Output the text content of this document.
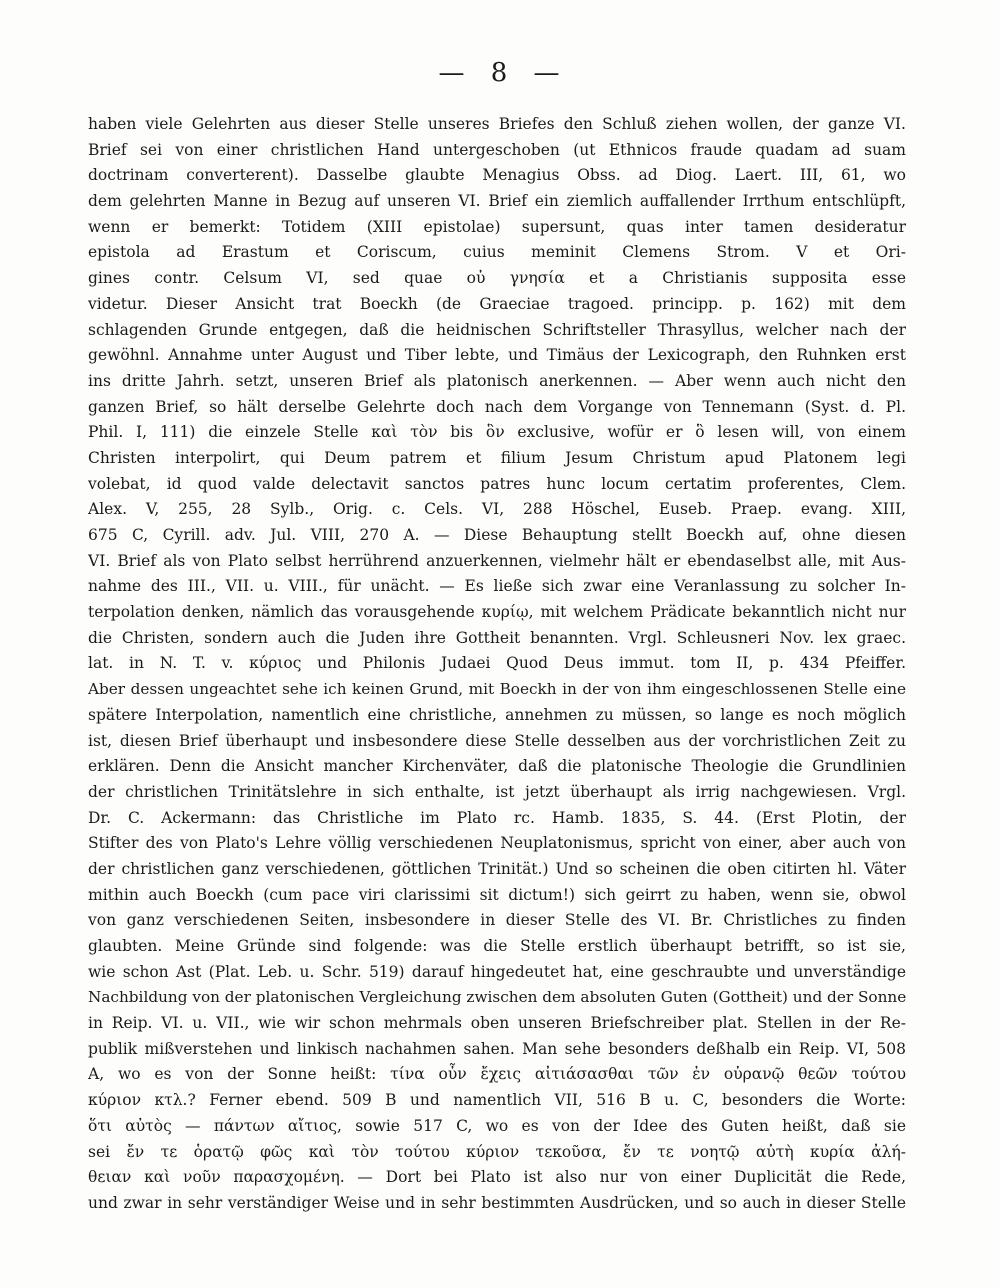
— 8 —
haben viele Gelehrten aus dieser Stelle unseres Briefes den Schluß ziehen wollen, der ganze VI.
Brief sei von einer christlichen Hand untergeschoben (ut Ethnicos fraude quadam ad suam
doctrinam converterent). Dasselbe glaubte Menagius Obss. ad Diog. Laert. III, 61, wo
dem gelehrten Manne in Bezug auf unseren VI. Brief ein ziemlich auffallender Irrthum entschlüpft,
wenn er bemerkt: Totidem (XIII epistolae) supersunt, quas inter tamen desideratur
epistola ad Erastum et Coriscum, cuius meminit Clemens Strom. V et Ori-
gines contr. Celsum VI, sed quae οὐ γνησία et a Christianis supposita esse
videtur. Dieser Ansicht trat Boeckh (de Graeciae tragoed. principp. p. 162) mit dem
schlagenden Grunde entgegen, daß die heidnischen Schriftsteller Thrasyllus, welcher nach der
gewöhnl. Annahme unter August und Tiber lebte, und Timäus der Lexicograph, den Ruhnken erst
ins dritte Jahrh. setzt, unseren Brief als platonisch anerkennen. — Aber wenn auch nicht den
ganzen Brief, so hält derselbe Gelehrte doch nach dem Vorgange von Tennemann (Syst. d. Pl.
Phil. I, 111) die einzele Stelle καὶ τὸν bis ὃν exclusive, wofür er ὃ lesen will, von einem
Christen interpolirt, qui Deum patrem et filium Jesum Christum apud Platonem legi
volebat, id quod valde delectavit sanctos patres hunc locum certatim proferentes, Clem.
Alex. V, 255, 28 Sylb., Orig. c. Cels. VI, 288 Höschel, Euseb. Praep. evang. XIII,
675 C, Cyrill. adv. Jul. VIII, 270 A. — Diese Behauptung stellt Boeckh auf, ohne diesen
VI. Brief als von Plato selbst herrührend anzuerkennen, vielmehr hält er ebendaselbst alle, mit Aus-
nahme des III., VII. u. VIII., für unächt. — Es ließe sich zwar eine Veranlassung zu solcher In-
terpolation denken, nämlich das vorausgehende κυρίῳ, mit welchem Prädicate bekanntlich nicht nur
die Christen, sondern auch die Juden ihre Gottheit benannten. Vrgl. Schleusneri Nov. lex graec.
lat. in N. T. v. κύριος und Philonis Judaei Quod Deus immut. tom II, p. 434 Pfeiffer.
Aber dessen ungeachtet sehe ich keinen Grund, mit Boeckh in der von ihm eingeschlossenen Stelle eine
spätere Interpolation, namentlich eine christliche, annehmen zu müssen, so lange es noch möglich
ist, diesen Brief überhaupt und insbesondere diese Stelle desselben aus der vorchristlichen Zeit zu
erklären. Denn die Ansicht mancher Kirchenväter, daß die platonische Theologie die Grundlinien
der christlichen Trinitätslehre in sich enthalte, ist jetzt überhaupt als irrig nachgewiesen. Vrgl.
Dr. C. Ackermann: das Christliche im Plato rc. Hamb. 1835, S. 44. (Erst Plotin, der
Stifter des von Plato's Lehre völlig verschiedenen Neuplatonismus, spricht von einer, aber auch von
der christlichen ganz verschiedenen, göttlichen Trinität.) Und so scheinen die oben citirten hl. Väter
mithin auch Boeckh (cum pace viri clarissimi sit dictum!) sich geirrt zu haben, wenn sie, obwol
von ganz verschiedenen Seiten, insbesondere in dieser Stelle des VI. Br. Christliches zu finden
glaubten. Meine Gründe sind folgende: was die Stelle erstlich überhaupt betrifft, so ist sie,
wie schon Ast (Plat. Leb. u. Schr. 519) darauf hingedeutet hat, eine geschraubte und unverständige
Nachbildung von der platonischen Vergleichung zwischen dem absoluten Guten (Gottheit) und der Sonne
in Reip. VI. u. VII., wie wir schon mehrmals oben unseren Briefschreiber plat. Stellen in der Re-
publik mißverstehen und linkisch nachahmen sahen. Man sehe besonders deßhalb ein Reip. VI, 508
A, wo es von der Sonne heißt: τίνα οὖν ἔχεις αἰτιάσασθαι τῶν ἐν οὐρανῷ θεῶν τούτου
κύριον κτλ.? Ferner ebend. 509 B und namentlich VII, 516 B u. C, besonders die Worte:
ὅτι αὐτὸς — πάντων αἴτιος, sowie 517 C, wo es von der Idee des Guten heißt, daß sie
sei ἔν τε ὁρατῷ φῶς καὶ τὸν τούτου κύριον τεκοῦσα, ἔν τε νοητῷ αὐτὴ κυρία ἀλή-
θειαν καὶ νοῦν παρασχομένη. — Dort bei Plato ist also nur von einer Duplicität die Rede,
und zwar in sehr verständiger Weise und in sehr bestimmten Ausdrücken, und so auch in dieser Stelle
